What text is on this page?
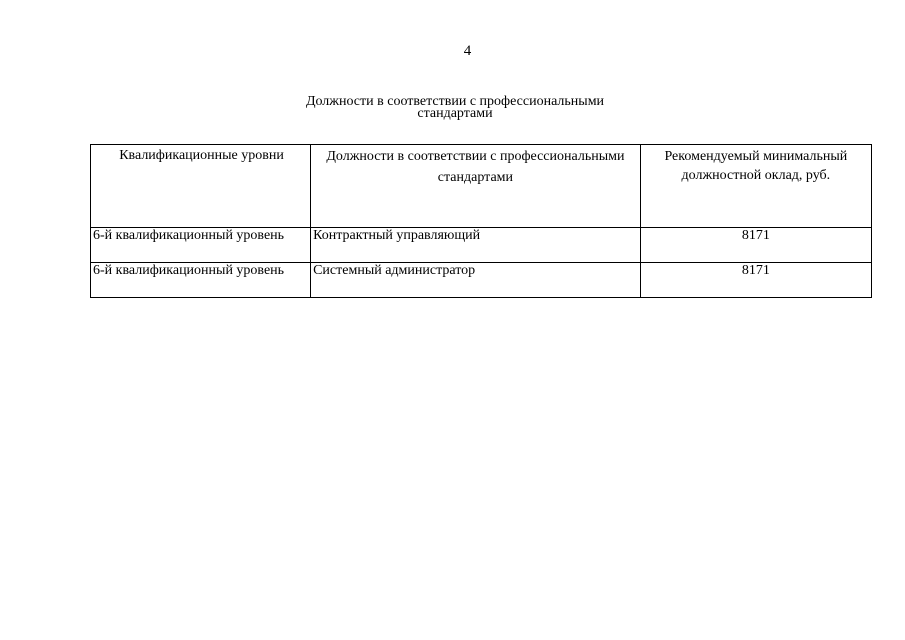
4
Должности в соответствии с профессиональными
стандартами
Квалификационные уровни	Должности в соответствии с профессиональными стандартами	Рекомендуемый минимальный должностной оклад, руб.
6-й квалификационный уровень	Контрактный управляющий	8171
6-й квалификационный уровень	Системный администратор	8171
